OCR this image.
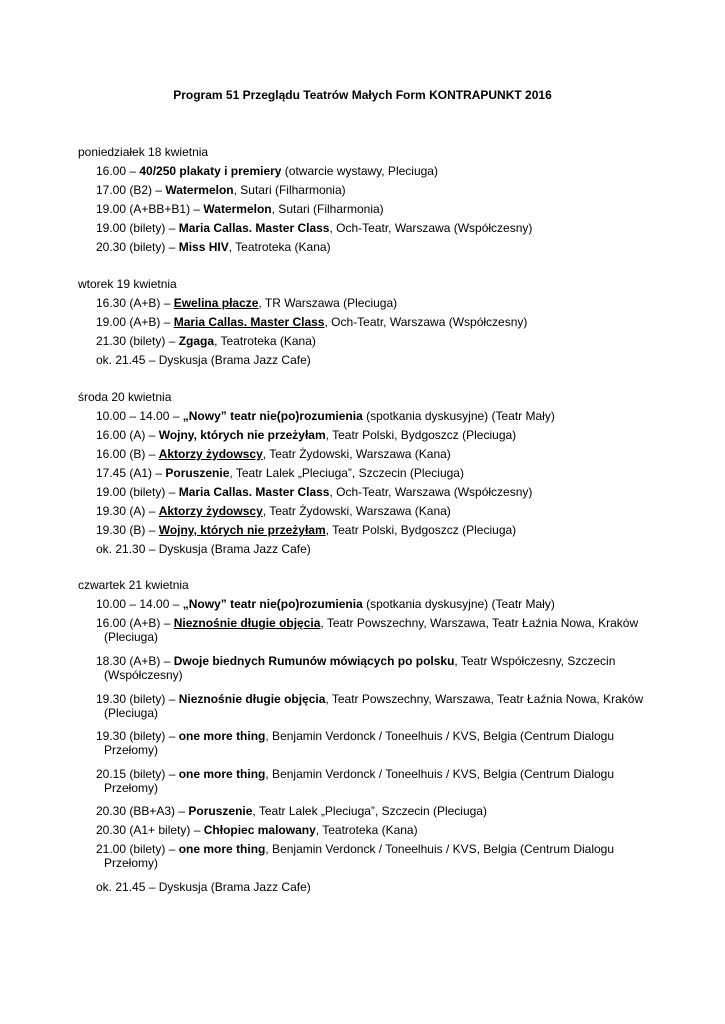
Program 51 Przeglądu Teatrów Małych Form KONTRAPUNKT 2016
poniedziałek 18 kwietnia
16.00 – 40/250 plakaty i premiery (otwarcie wystawy, Pleciuga)
17.00 (B2) – Watermelon, Sutari (Filharmonia)
19.00 (A+BB+B1) – Watermelon, Sutari (Filharmonia)
19.00 (bilety) – Maria Callas. Master Class, Och-Teatr, Warszawa (Współczesny)
20.30 (bilety) – Miss HIV, Teatroteka (Kana)
wtorek 19 kwietnia
16.30 (A+B) – Ewelina płacze, TR Warszawa (Pleciuga)
19.00 (A+B) – Maria Callas. Master Class, Och-Teatr, Warszawa (Współczesny)
21.30 (bilety) – Zgaga, Teatroteka (Kana)
ok. 21.45 – Dyskusja (Brama Jazz Cafe)
środa 20 kwietnia
10.00 – 14.00 – „Nowy” teatr nie(po)rozumienia (spotkania dyskusyjne) (Teatr Mały)
16.00 (A) – Wojny, których nie przeżyłam, Teatr Polski, Bydgoszcz (Pleciuga)
16.00 (B) – Aktorzy żydowscy, Teatr Żydowski, Warszawa (Kana)
17.45 (A1) – Poruszenie, Teatr Lalek „Pleciuga”, Szczecin (Pleciuga)
19.00 (bilety) – Maria Callas. Master Class, Och-Teatr, Warszawa (Współczesny)
19.30 (A) – Aktorzy żydowscy, Teatr Żydowski, Warszawa (Kana)
19.30 (B) – Wojny, których nie przeżyłam, Teatr Polski, Bydgoszcz (Pleciuga)
ok. 21.30 – Dyskusja (Brama Jazz Cafe)
czwartek 21 kwietnia
10.00 – 14.00 – „Nowy” teatr nie(po)rozumienia (spotkania dyskusyjne) (Teatr Mały)
16.00 (A+B) – Nieznośnie długie objęcia, Teatr Powszechny, Warszawa, Teatr Łaźnia Nowa, Kraków
(Pleciuga)
18.30 (A+B) – Dwoje biednych Rumunów mówiących po polsku, Teatr Współczesny, Szczecin
(Współczesny)
19.30 (bilety) – Nieznośnie długie objęcia, Teatr Powszechny, Warszawa, Teatr Łaźnia Nowa, Kraków
(Pleciuga)
19.30 (bilety) – one more thing, Benjamin Verdonck / Toneelhuis / KVS, Belgia (Centrum Dialogu
Przełomy)
20.15 (bilety) – one more thing, Benjamin Verdonck / Toneelhuis / KVS, Belgia (Centrum Dialogu
Przełomy)
20.30 (BB+A3) – Poruszenie, Teatr Lalek „Pleciuga”, Szczecin (Pleciuga)
20.30 (A1+ bilety) – Chłopiec malowany, Teatroteka (Kana)
21.00 (bilety) – one more thing, Benjamin Verdonck / Toneelhuis / KVS, Belgia (Centrum Dialogu
Przełomy)
ok. 21.45 – Dyskusja (Brama Jazz Cafe)
